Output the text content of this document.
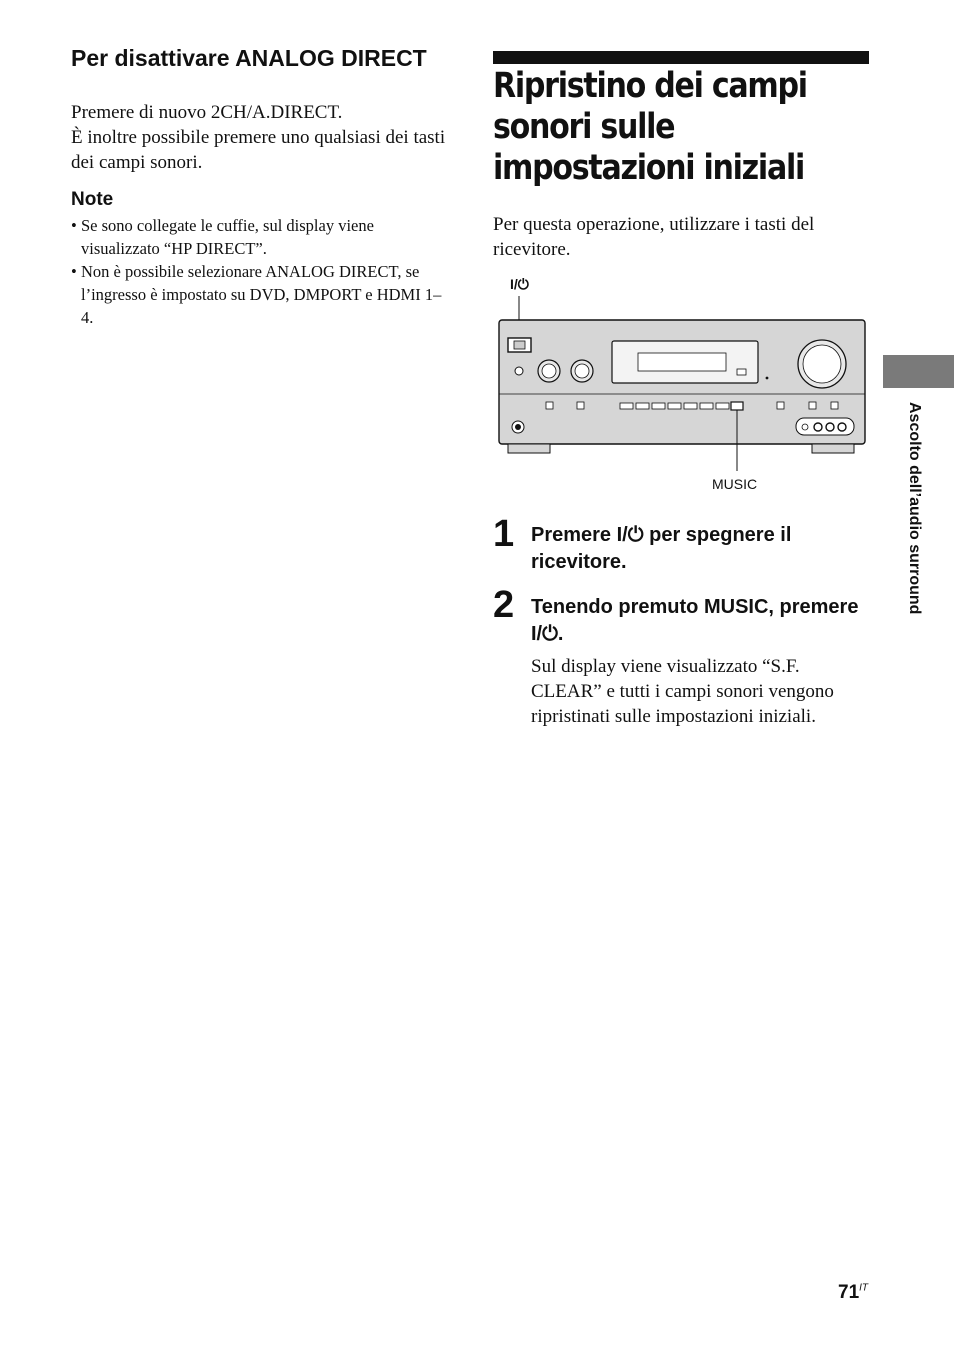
Per disattivare ANALOG DIRECT
Premere di nuovo 2CH/A.DIRECT.
È inoltre possibile premere uno qualsiasi dei tasti dei campi sonori.
Note
• Se sono collegate le cuffie, sul display viene visualizzato “HP DIRECT”.
• Non è possibile selezionare ANALOG DIRECT, se l’ingresso è impostato su DVD, DMPORT e HDMI 1–4.
Ripristino dei campi sonori sulle impostazioni iniziali
Per questa operazione, utilizzare i tasti del ricevitore.
I/⏻
MUSIC
1 Premere I/⏻ per spegnere il ricevitore.
2 Tenendo premuto MUSIC, premere I/⏻.
Sul display viene visualizzato “S.F. CLEAR” e tutti i campi sonori vengono ripristinati sulle impostazioni iniziali.
Ascolto dell’audio surround
$71^{IT}$
